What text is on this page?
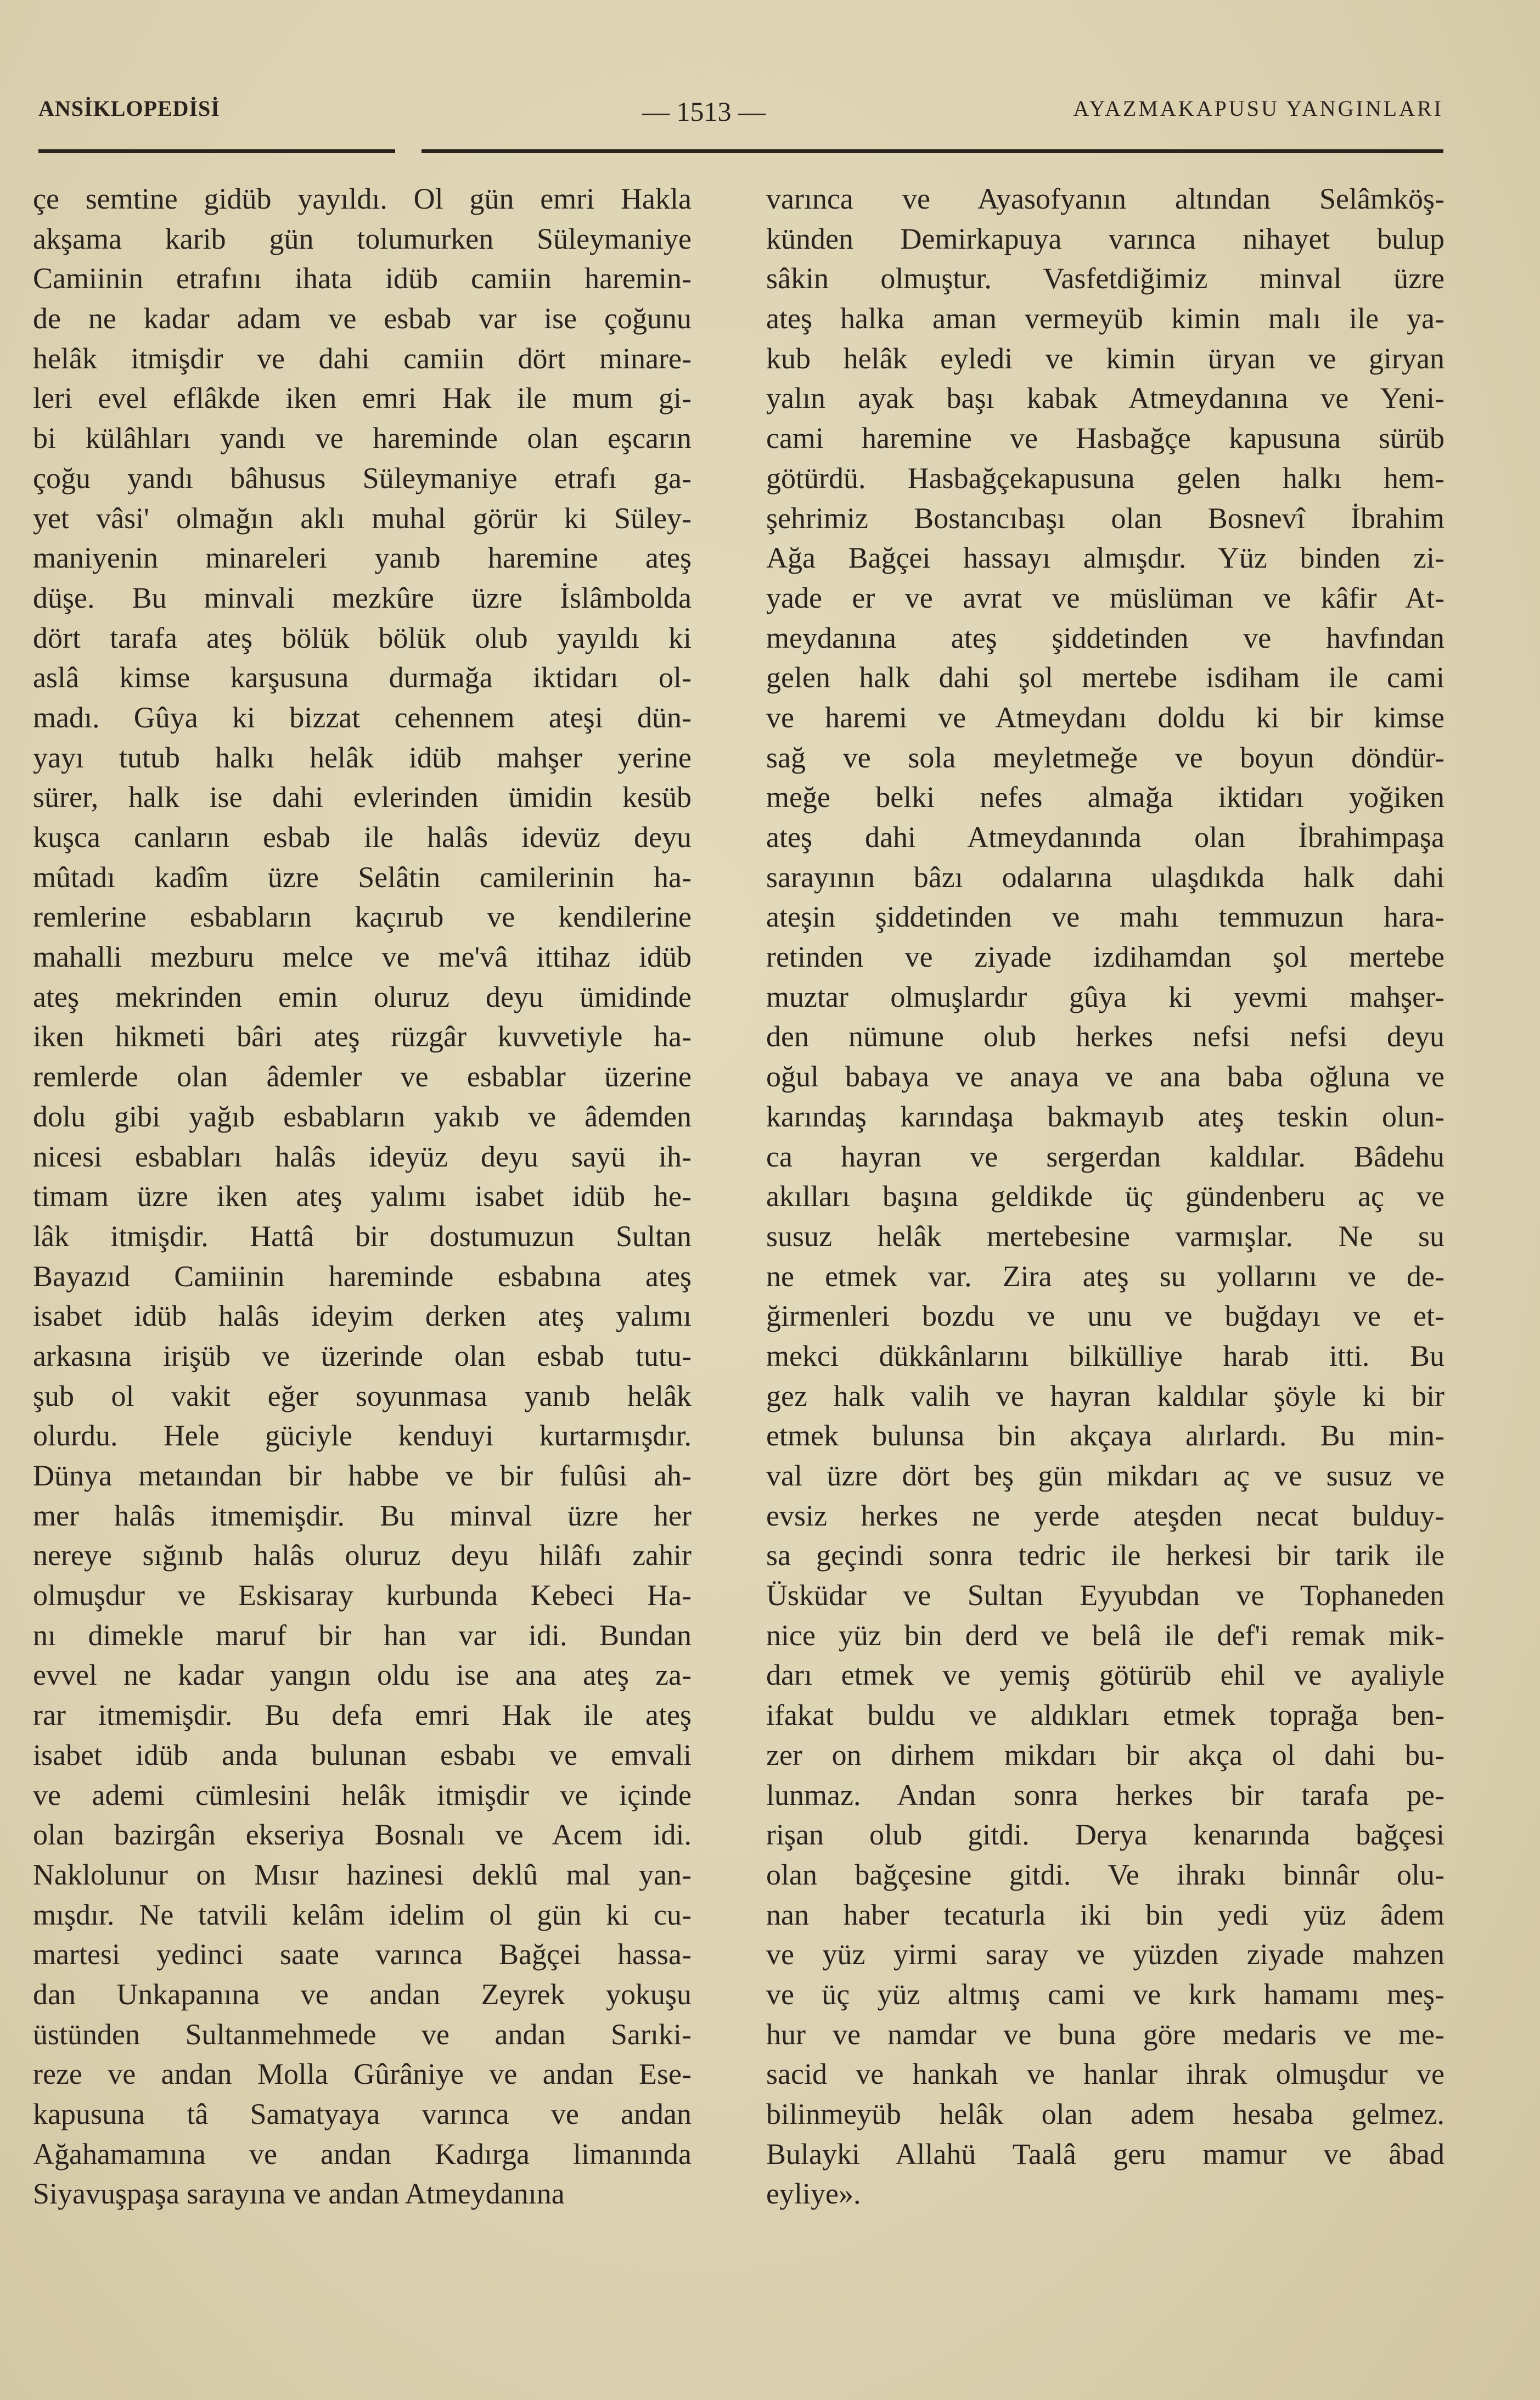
ANSİKLOPEDİSİ	— 1513 —	AYAZMAKAPUSU YANGINLARI
çe semtine gidüb yayıldı. Ol gün emri Hakla
akşama karib gün tolumurken Süleymaniye
Camiinin etrafını ihata idüb camiin haremin-
de ne kadar adam ve esbab var ise çoğunu
helâk itmişdir ve dahi camiin dört minare-
leri evel eflâkde iken emri Hak ile mum gi-
bi külâhları yandı ve hareminde olan eşcarın
çoğu yandı bâhusus Süleymaniye etrafı ga-
yet vâsi' olmağın aklı muhal görür ki Süley-
maniyenin minareleri yanıb haremine ateş
düşe. Bu minvali mezkûre üzre İslâmbolda
dört tarafa ateş bölük bölük olub yayıldı ki
aslâ kimse karşusuna durmağa iktidarı ol-
madı. Gûya ki bizzat cehennem ateşi dün-
yayı tutub halkı helâk idüb mahşer yerine
sürer, halk ise dahi evlerinden ümidin kesüb
kuşca canların esbab ile halâs idevüz deyu
mûtadı kadîm üzre Selâtin camilerinin ha-
remlerine esbabların kaçırub ve kendilerine
mahalli mezburu melce ve me'vâ ittihaz idüb
ateş mekrinden emin oluruz deyu ümidinde
iken hikmeti bâri ateş rüzgâr kuvvetiyle ha-
remlerde olan âdemler ve esbablar üzerine
dolu gibi yağıb esbabların yakıb ve âdemden
nicesi esbabları halâs ideyüz deyu sayü ih-
timam üzre iken ateş yalımı isabet idüb he-
lâk itmişdir. Hattâ bir dostumuzun Sultan
Bayazıd Camiinin hareminde esbabına ateş
isabet idüb halâs ideyim derken ateş yalımı
arkasına irişüb ve üzerinde olan esbab tutu-
şub ol vakit eğer soyunmasa yanıb helâk
olurdu. Hele güciyle kenduyi kurtarmışdır.
Dünya metaından bir habbe ve bir fulûsi ah-
mer halâs itmemişdir. Bu minval üzre her
nereye sığınıb halâs oluruz deyu hilâfı zahir
olmuşdur ve Eskisaray kurbunda Kebeci Ha-
nı dimekle maruf bir han var idi. Bundan
evvel ne kadar yangın oldu ise ana ateş za-
rar itmemişdir. Bu defa emri Hak ile ateş
isabet idüb anda bulunan esbabı ve emvali
ve ademi cümlesini helâk itmişdir ve içinde
olan bazirgân ekseriya Bosnalı ve Acem idi.
Naklolunur on Mısır hazinesi deklû mal yan-
mışdır. Ne tatvili kelâm idelim ol gün ki cu-
martesi yedinci saate varınca Bağçei hassa-
dan Unkapanına ve andan Zeyrek yokuşu
üstünden Sultanmehmede ve andan Sarıki-
reze ve andan Molla Gûrâniye ve andan Ese-
kapusuna tâ Samatyaya varınca ve andan
Ağahamamına ve andan Kadırga limanında
Siyavuşpaşa sarayına ve andan Atmeydanına
varınca ve Ayasofyanın altından Selâmköş-
künden Demirkapuya varınca nihayet bulup
sâkin olmuştur. Vasfetdiğimiz minval üzre
ateş halka aman vermeyüb kimin malı ile ya-
kub helâk eyledi ve kimin üryan ve giryan
yalın ayak başı kabak Atmeydanına ve Yeni-
cami haremine ve Hasbağçe kapusuna sürüb
götürdü. Hasbağçekapusuna gelen halkı hem-
şehrimiz Bostancıbaşı olan Bosnevî İbrahim
Ağa Bağçei hassayı almışdır. Yüz binden zi-
yade er ve avrat ve müslüman ve kâfir At-
meydanına ateş şiddetinden ve havfından
gelen halk dahi şol mertebe isdiham ile cami
ve haremi ve Atmeydanı doldu ki bir kimse
sağ ve sola meyletmeğe ve boyun döndür-
meğe belki nefes almağa iktidarı yoğiken
ateş dahi Atmeydanında olan İbrahimpaşa
sarayının bâzı odalarına ulaşdıkda halk dahi
ateşin şiddetinden ve mahı temmuzun hara-
retinden ve ziyade izdihamdan şol mertebe
muztar olmuşlardır gûya ki yevmi mahşer-
den nümune olub herkes nefsi nefsi deyu
oğul babaya ve anaya ve ana baba oğluna ve
karındaş karındaşa bakmayıb ateş teskin olun-
ca hayran ve sergerdan kaldılar. Bâdehu
akılları başına geldikde üç gündenberu aç ve
susuz helâk mertebesine varmışlar. Ne su
ne etmek var. Zira ateş su yollarını ve de-
ğirmenleri bozdu ve unu ve buğdayı ve et-
mekci dükkânlarını bilkülliye harab itti. Bu
gez halk valih ve hayran kaldılar şöyle ki bir
etmek bulunsa bin akçaya alırlardı. Bu min-
val üzre dört beş gün mikdarı aç ve susuz ve
evsiz herkes ne yerde ateşden necat bulduy-
sa geçindi sonra tedric ile herkesi bir tarik ile
Üsküdar ve Sultan Eyyubdan ve Tophaneden
nice yüz bin derd ve belâ ile def'i remak mik-
darı etmek ve yemiş götürüb ehil ve ayaliyle
ifakat buldu ve aldıkları etmek toprağa ben-
zer on dirhem mikdarı bir akça ol dahi bu-
lunmaz. Andan sonra herkes bir tarafa pe-
rişan olub gitdi. Derya kenarında bağçesi
olan bağçesine gitdi. Ve ihrakı binnâr olu-
nan haber tecaturla iki bin yedi yüz âdem
ve yüz yirmi saray ve yüzden ziyade mahzen
ve üç yüz altmış cami ve kırk hamamı meş-
hur ve namdar ve buna göre medaris ve me-
sacid ve hankah ve hanlar ihrak olmuşdur ve
bilinmeyüb helâk olan adem hesaba gelmez.
Bulayki Allahü Taalâ geru mamur ve âbad
eyliye».
